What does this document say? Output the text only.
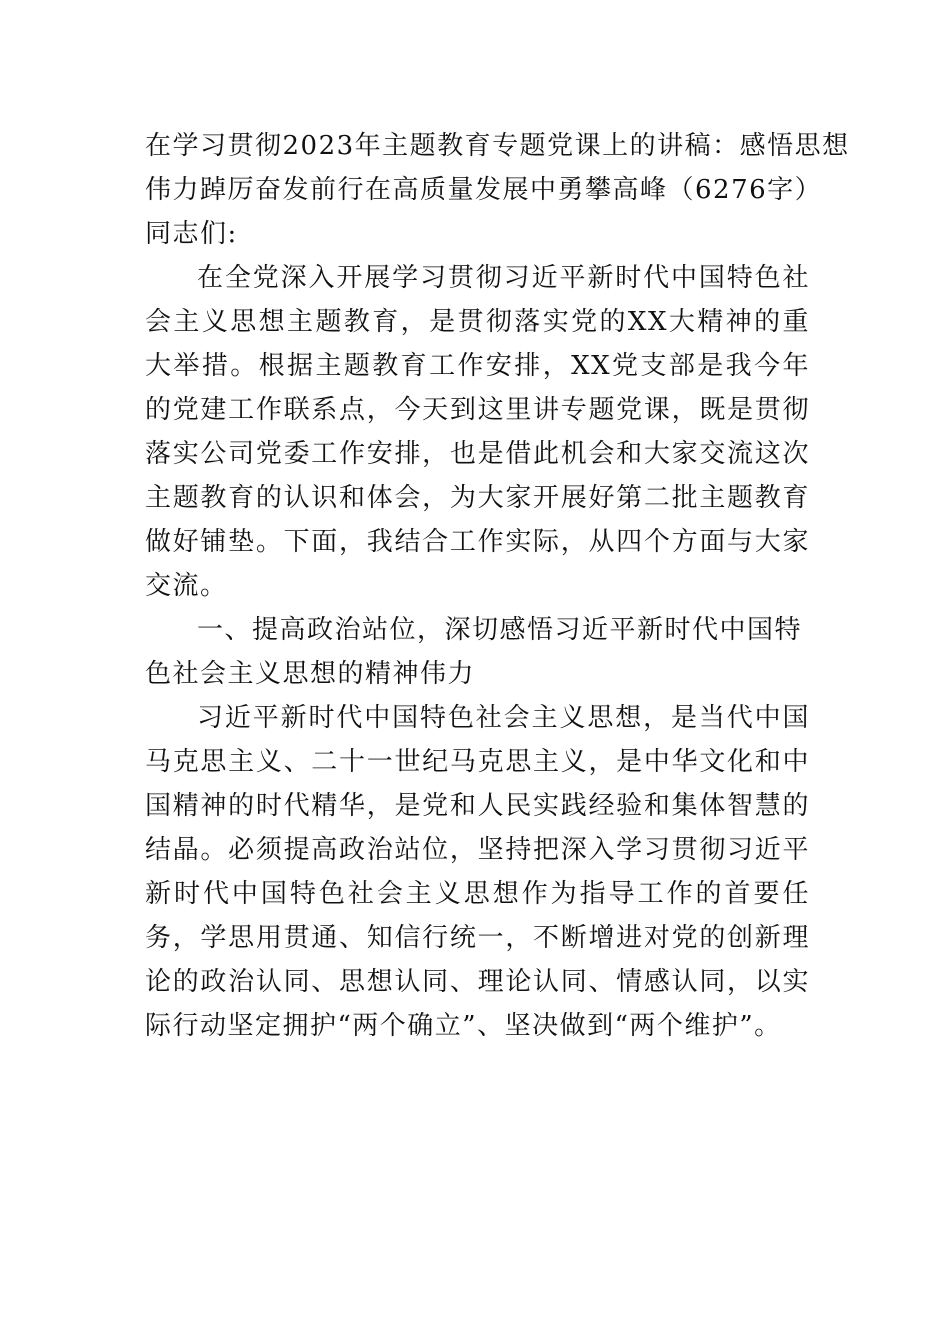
在学习贯彻2023年主题教育专题党课上的讲稿：感悟思想

伟力踔厉奋发前行在高质量发展中勇攀高峰（6276字）

同志们:

在全党深入开展学习贯彻习近平新时代中国特色社会主义思想主题教育，是贯彻落实党的XX大精神的重大举措。根据主题教育工作安排，XX党支部是我今年的党建工作联系点，今天到这里讲专题党课，既是贯彻落实公司党委工作安排，也是借此机会和大家交流这次主题教育的认识和体会，为大家开展好第二批主题教育做好铺垫。下面，我结合工作实际，从四个方面与大家交流。

一、提高政治站位，深切感悟习近平新时代中国特色社会主义思想的精神伟力

习近平新时代中国特色社会主义思想，是当代中国马克思主义、二十一世纪马克思主义，是中华文化和中国精神的时代精华，是党和人民实践经验和集体智慧的结晶。必须提高政治站位，坚持把深入学习贯彻习近平新时代中国特色社会主义思想作为指导工作的首要任务，学思用贯通、知信行统一，不断增进对党的创新理论的政治认同、思想认同、理论认同、情感认同，以实际行动坚定拥护“两个确立”、坚决做到“两个维护”。
